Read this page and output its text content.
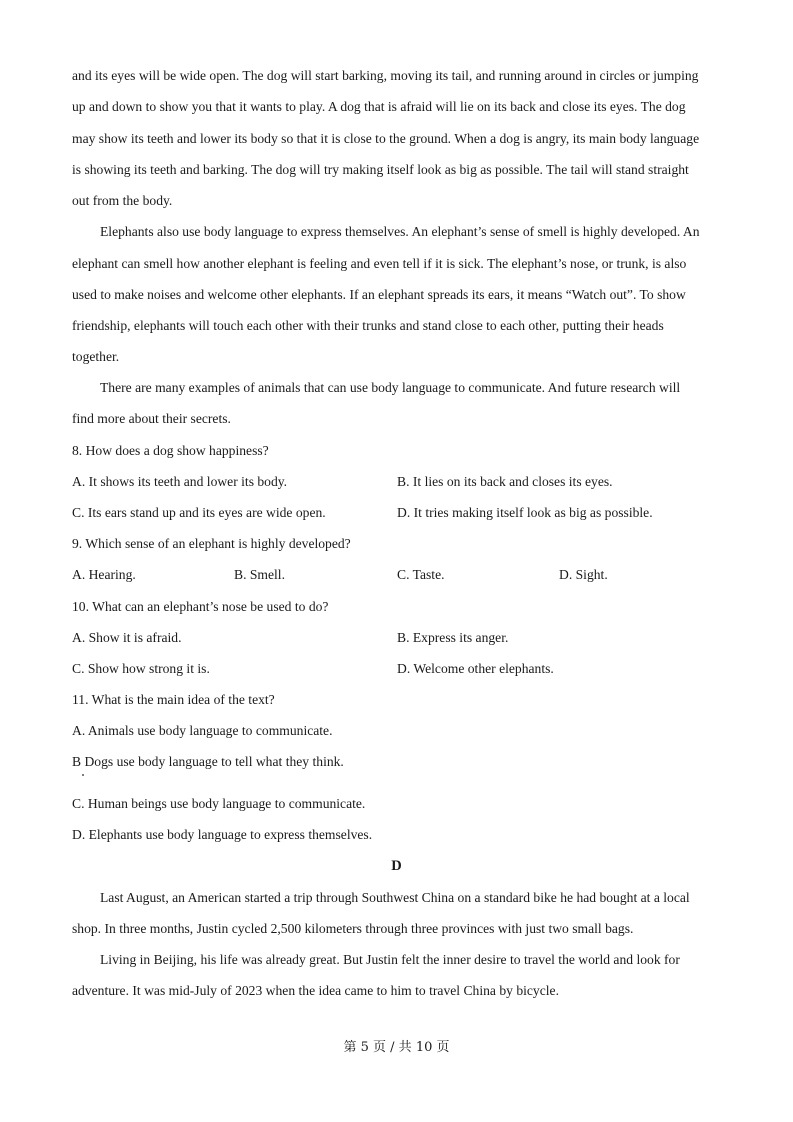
and its eyes will be wide open. The dog will start barking, moving its tail, and running around in circles or jumping
up and down to show you that it wants to play. A dog that is afraid will lie on its back and close its eyes. The dog
may show its teeth and lower its body so that it is close to the ground. When a dog is angry, its main body language
is showing its teeth and barking. The dog will try making itself look as big as possible. The tail will stand straight
out from the body.
Elephants also use body language to express themselves. An elephant’s sense of smell is highly developed. An
elephant can smell how another elephant is feeling and even tell if it is sick. The elephant’s nose, or trunk, is also
used to make noises and welcome other elephants. If an elephant spreads its ears, it means “Watch out”. To show
friendship, elephants will touch each other with their trunks and stand close to each other, putting their heads
together.
There are many examples of animals that can use body language to communicate. And future research will
find more about their secrets.
8. How does a dog show happiness?
A. It shows its teeth and lower its body.	B. It lies on its back and closes its eyes.
C. Its ears stand up and its eyes are wide open.	D. It tries making itself look as big as possible.
9. Which sense of an elephant is highly developed?
A. Hearing.	B. Smell.	C. Taste.	D. Sight.
10. What can an elephant’s nose be used to do?
A. Show it is afraid.	B. Express its anger.
C. Show how strong it is.	D. Welcome other elephants.
11. What is the main idea of the text?
A. Animals use body language to communicate.
B Dogs use body language to tell what they think.
C. Human beings use body language to communicate.
D. Elephants use body language to express themselves.
D
Last August, an American started a trip through Southwest China on a standard bike he had bought at a local
shop. In three months, Justin cycled 2,500 kilometers through three provinces with just two small bags.
Living in Beijing, his life was already great. But Justin felt the inner desire to travel the world and look for
adventure. It was mid-July of 2023 when the idea came to him to travel China by bicycle.
第 5 页 / 共 10 页
